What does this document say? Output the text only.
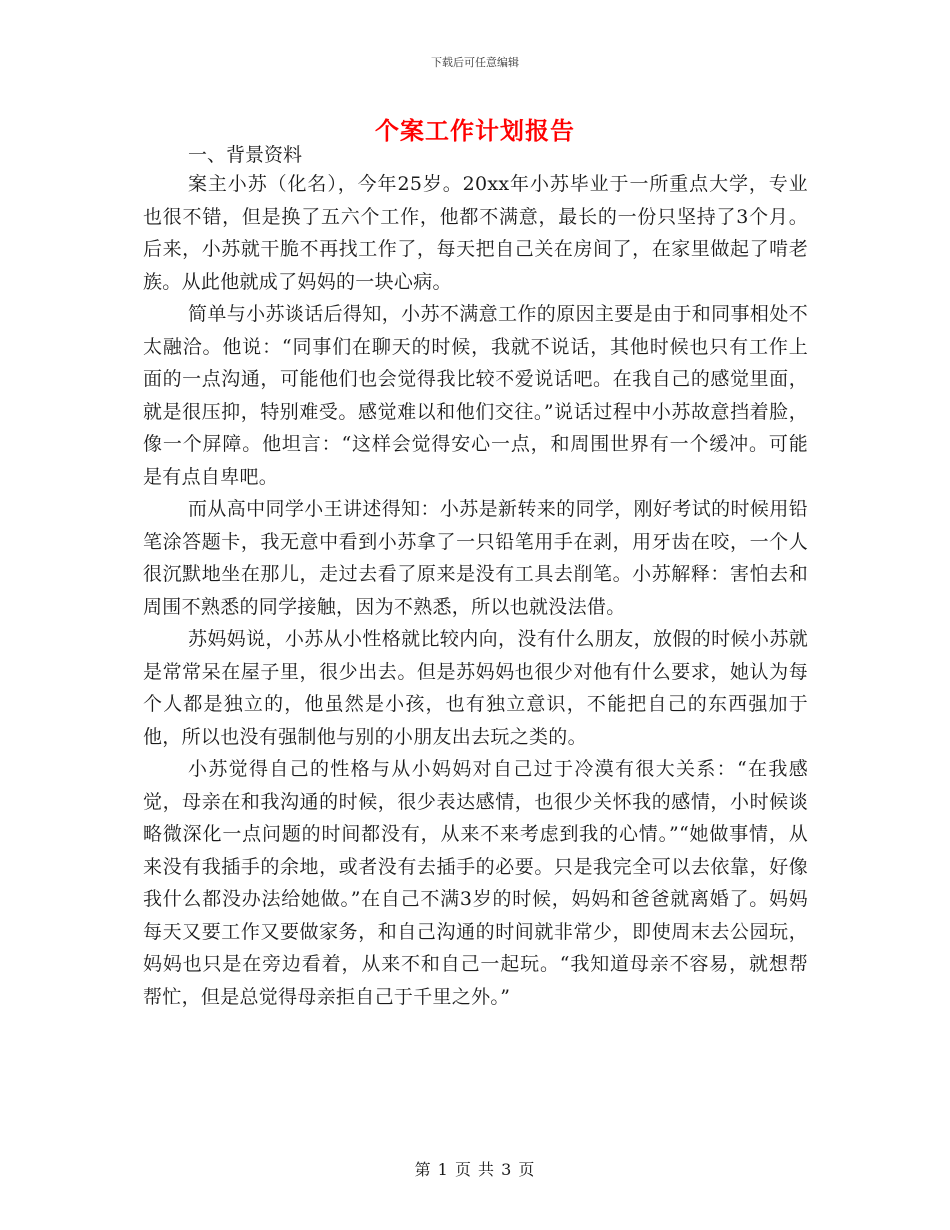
下载后可任意编辑
个案工作计划报告
一、背景资料

案主小苏（化名），今年25岁。20xx年小苏毕业于一所重点大学，专业也很不错，但是换了五六个工作，他都不满意，最长的一份只坚持了3个月。后来，小苏就干脆不再找工作了，每天把自己关在房间了，在家里做起了啃老族。从此他就成了妈妈的一块心病。

简单与小苏谈话后得知，小苏不满意工作的原因主要是由于和同事相处不太融洽。他说：“同事们在聊天的时候，我就不说话，其他时候也只有工作上面的一点沟通，可能他们也会觉得我比较不爱说话吧。在我自己的感觉里面，就是很压抑，特别难受。感觉难以和他们交往。”说话过程中小苏故意挡着脸，像一个屏障。他坦言：“这样会觉得安心一点，和周围世界有一个缓冲。可能是有点自卑吧。

而从高中同学小王讲述得知：小苏是新转来的同学，刚好考试的时候用铅笔涂答题卡，我无意中看到小苏拿了一只铅笔用手在剥，用牙齿在咬，一个人很沉默地坐在那儿，走过去看了原来是没有工具去削笔。小苏解释：害怕去和周围不熟悉的同学接触，因为不熟悉，所以也就没法借。

苏妈妈说，小苏从小性格就比较内向，没有什么朋友，放假的时候小苏就是常常呆在屋子里，很少出去。但是苏妈妈也很少对他有什么要求，她认为每个人都是独立的，他虽然是小孩，也有独立意识，不能把自己的东西强加于他，所以也没有强制他与别的小朋友出去玩之类的。

小苏觉得自己的性格与从小妈妈对自己过于冷漠有很大关系：“在我感觉，母亲在和我沟通的时候，很少表达感情，也很少关怀我的感情，小时候谈略微深化一点问题的时间都没有，从来不来考虑到我的心情。”“她做事情，从来没有我插手的余地，或者没有去插手的必要。只是我完全可以去依靠，好像我什么都没办法给她做。”在自己不满3岁的时候，妈妈和爸爸就离婚了。妈妈每天又要工作又要做家务，和自己沟通的时间就非常少，即使周末去公园玩，妈妈也只是在旁边看着，从来不和自己一起玩。“我知道母亲不容易，就想帮帮忙，但是总觉得母亲拒自己于千里之外。”

第 1 页 共 3 页
